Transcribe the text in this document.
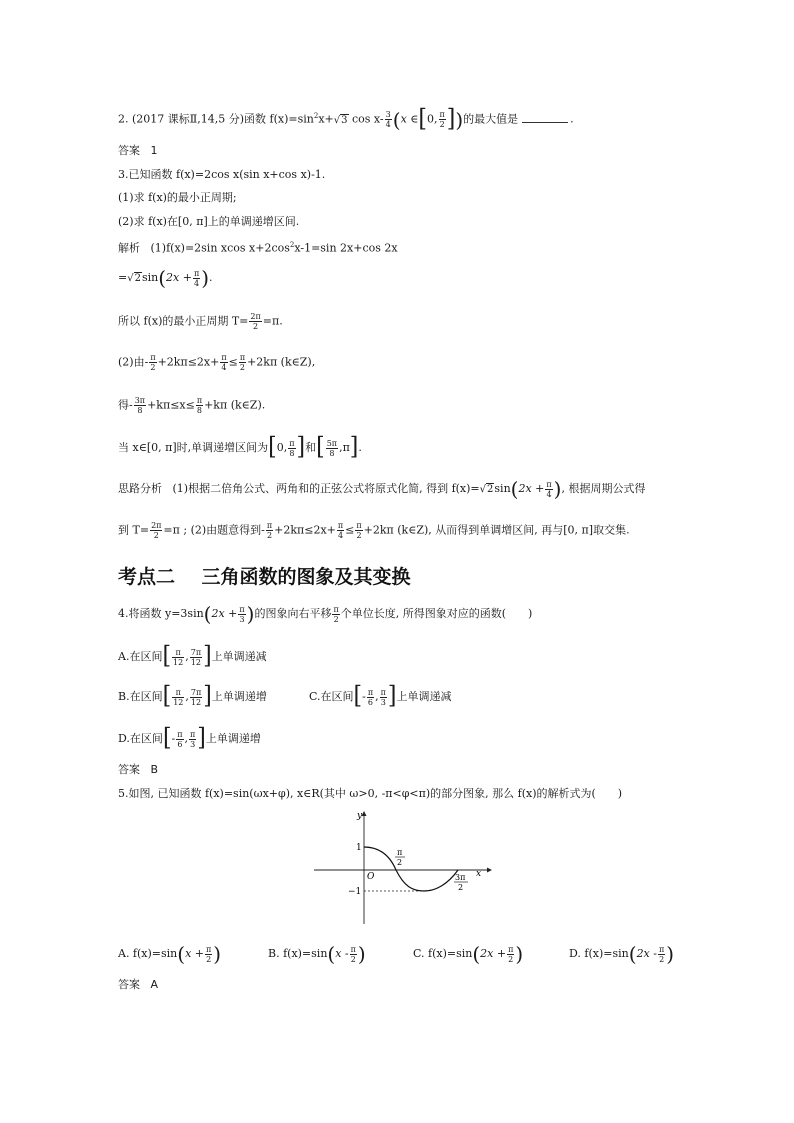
2. (2017 课标Ⅱ,14,5 分)函数 $f(x)=\sin^2x+√3$ $\cos x- \frac{3}{4} (x$ ∈[0, $\frac{\pi}{2}$ ])的最大值是	.
答案 1
3.已知函数 f(x)=2cos x(sin x+cos x)-1.
(1)求 f(x)的最小正周期;
(2)求 f(x)在[0, π]上的单调递增区间.
解析 (1)f(x)=2sin xcos $x+2\cos^2x-1=\sin$ 2x+cos 2x
$=√2\sin(2x + \frac{\pi}{4}$ ).
所以 f(x)的最小正周期 $T= \frac{2\pi}{2} =\pi$.
(2)由- $\frac{\pi}{2} +2k\pi\le 2x+ \frac{\pi}{4} \le \frac{\pi}{2} +2k\pi$ (k∈Z),
得- $\frac{3\pi}{8} +k\pi\le x\le \frac{\pi}{8} +k\pi$ (k∈Z).
当 x∈[0, π]时,单调递增区间为[0, $\frac{\pi}{8}$ ]和[ $\frac{5\pi}{8} ,\pi$].
思路分析 (1)根据二倍角公式、两角和的正弦公式将原式化简, 得到 $f(x)=√2\sin(2x + \frac{\pi}{4}$ ), 根据周期公式得
到 $T= \frac{2\pi}{2} =\pi$ ; (2)由题意得到- $\frac{\pi}{2} +2k\pi\le 2x+ \frac{\pi}{4} \le \frac{\pi}{2} +2k\pi$ (k∈Z), 从而得到单调增区间, 再与[0, π]取交集.
考点二 三角函数的图象及其变换
4.将函数 $y=3\sin(2x + \frac{\pi}{3}$ )的图象向右平移 $\frac{\pi}{2}$ 个单位长度, 所得图象对应的函数(　　)
A.在区间[ $\frac{\pi}{12}$ , $\frac{7\pi}{12}$ ]上单调递减
B.在区间[ $\frac{\pi}{12}$ , $\frac{7\pi}{12}$ ]上单调递增	C.在区间[- $\frac{\pi}{6}$ , $\frac{\pi}{3}$ ]上单调递减
D.在区间[- $\frac{\pi}{6}$ , $\frac{\pi}{3}$ ]上单调递增
答案 B
5.如图, 已知函数 f(x)=sin(ωx+φ), x∈R(其中 ω>0, -π<φ<π)的部分图象, 那么 f(x)的解析式为(　　)
y
x
O
1
−1
π
2
3π
2
A. $f(x)=\sin(x + \frac{\pi}{2}$ )	B. $f(x)=\sin(x - \frac{\pi}{2}$ )	C. $f(x)=\sin(2x + \frac{\pi}{2}$ )	D. $f(x)=\sin(2x - \frac{\pi}{2}$ )
答案 A
